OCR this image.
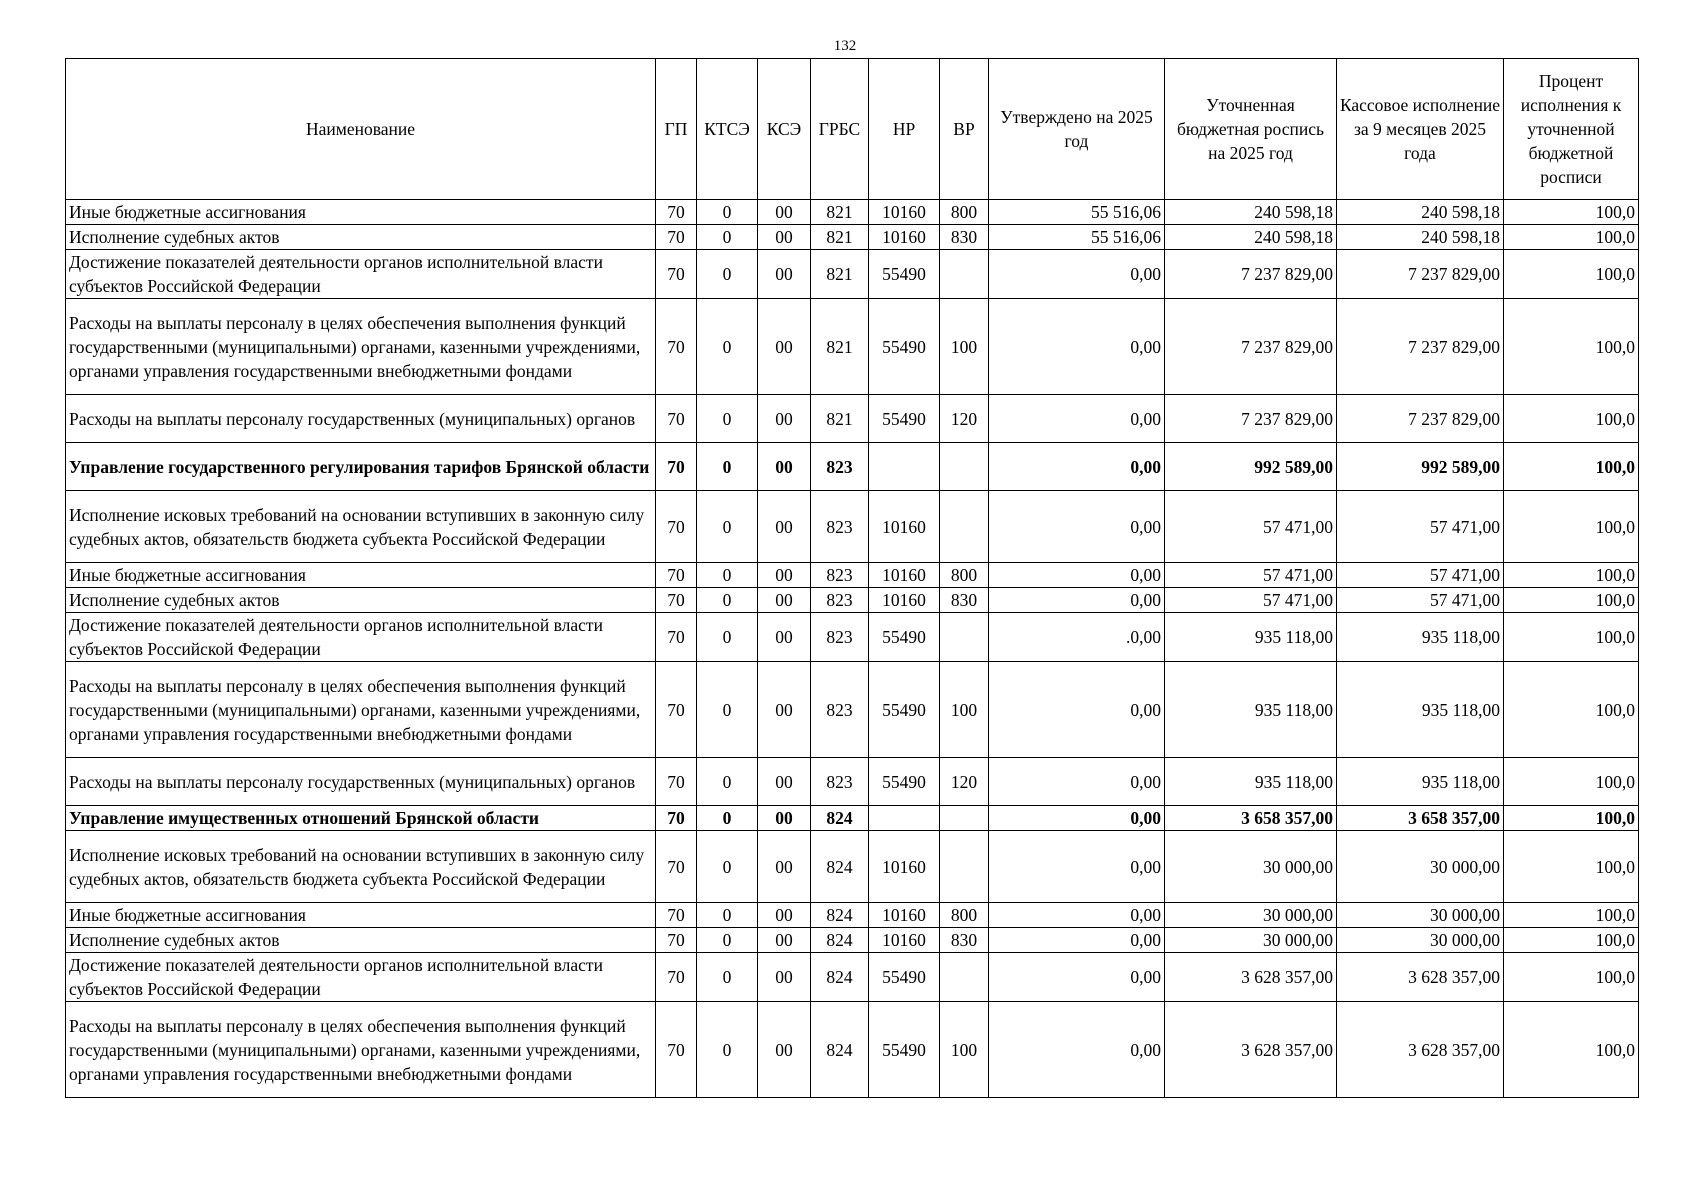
132
Наименование	ГП	КТСЭ	КСЭ	ГРБС	НР	ВР	Утверждено на 2025 год	Уточненная бюджетная роспись на 2025 год	Кассовое исполнение за 9 месяцев 2025 года	Процент исполнения к уточненной бюджетной росписи
Иные бюджетные ассигнования	70	0	00	821	10160	800	55 516,06	240 598,18	240 598,18	100,0
Исполнение судебных актов	70	0	00	821	10160	830	55 516,06	240 598,18	240 598,18	100,0
Достижение показателей деятельности органов исполнительной власти субъектов Российской Федерации	70	0	00	821	55490		0,00	7 237 829,00	7 237 829,00	100,0
Расходы на выплаты персоналу в целях обеспечения выполнения функций государственными (муниципальными) органами, казенными учреждениями, органами управления государственными внебюджетными фондами	70	0	00	821	55490	100	0,00	7 237 829,00	7 237 829,00	100,0
Расходы на выплаты персоналу государственных (муниципальных) органов	70	0	00	821	55490	120	0,00	7 237 829,00	7 237 829,00	100,0
Управление государственного регулирования тарифов Брянской области	70	0	00	823			0,00	992 589,00	992 589,00	100,0
Исполнение исковых требований на основании вступивших в законную силу судебных актов, обязательств бюджета субъекта Российской Федерации	70	0	00	823	10160		0,00	57 471,00	57 471,00	100,0
Иные бюджетные ассигнования	70	0	00	823	10160	800	0,00	57 471,00	57 471,00	100,0
Исполнение судебных актов	70	0	00	823	10160	830	0,00	57 471,00	57 471,00	100,0
Достижение показателей деятельности органов исполнительной власти субъектов Российской Федерации	70	0	00	823	55490		.0,00	935 118,00	935 118,00	100,0
Расходы на выплаты персоналу в целях обеспечения выполнения функций государственными (муниципальными) органами, казенными учреждениями, органами управления государственными внебюджетными фондами	70	0	00	823	55490	100	0,00	935 118,00	935 118,00	100,0
Расходы на выплаты персоналу государственных (муниципальных) органов	70	0	00	823	55490	120	0,00	935 118,00	935 118,00	100,0
Управление имущественных отношений Брянской области	70	0	00	824			0,00	3 658 357,00	3 658 357,00	100,0
Исполнение исковых требований на основании вступивших в законную силу судебных актов, обязательств бюджета субъекта Российской Федерации	70	0	00	824	10160		0,00	30 000,00	30 000,00	100,0
Иные бюджетные ассигнования	70	0	00	824	10160	800	0,00	30 000,00	30 000,00	100,0
Исполнение судебных актов	70	0	00	824	10160	830	0,00	30 000,00	30 000,00	100,0
Достижение показателей деятельности органов исполнительной власти субъектов Российской Федерации	70	0	00	824	55490		0,00	3 628 357,00	3 628 357,00	100,0
Расходы на выплаты персоналу в целях обеспечения выполнения функций государственными (муниципальными) органами, казенными учреждениями, органами управления государственными внебюджетными фондами	70	0	00	824	55490	100	0,00	3 628 357,00	3 628 357,00	100,0
